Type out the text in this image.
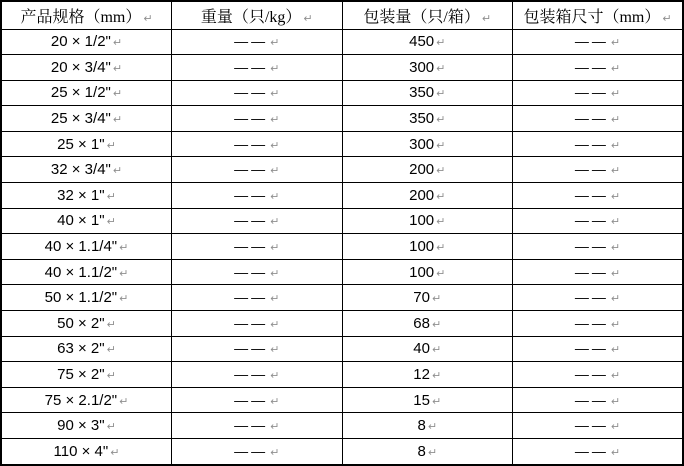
产品规格（mm） ↵	重量（只/kg） ↵	包装量（只/箱） ↵	包装箱尺寸（mm） ↵
20 × 1/2" ↵	—— ↵	450 ↵	—— ↵
20 × 3/4" ↵	—— ↵	300 ↵	—— ↵
25 × 1/2" ↵	—— ↵	350 ↵	—— ↵
25 × 3/4" ↵	—— ↵	350 ↵	—— ↵
25 × 1" ↵	—— ↵	300 ↵	—— ↵
32 × 3/4" ↵	—— ↵	200 ↵	—— ↵
32 × 1" ↵	—— ↵	200 ↵	—— ↵
40 × 1" ↵	—— ↵	100 ↵	—— ↵
40 × 1.1/4" ↵	—— ↵	100 ↵	—— ↵
40 × 1.1/2" ↵	—— ↵	100 ↵	—— ↵
50 × 1.1/2" ↵	—— ↵	70 ↵	—— ↵
50 × 2" ↵	—— ↵	68 ↵	—— ↵
63 × 2" ↵	—— ↵	40 ↵	—— ↵
75 × 2" ↵	—— ↵	12 ↵	—— ↵
75 × 2.1/2" ↵	—— ↵	15 ↵	—— ↵
90 × 3" ↵	—— ↵	8 ↵	—— ↵
110 × 4" ↵	—— ↵	8 ↵	—— ↵
